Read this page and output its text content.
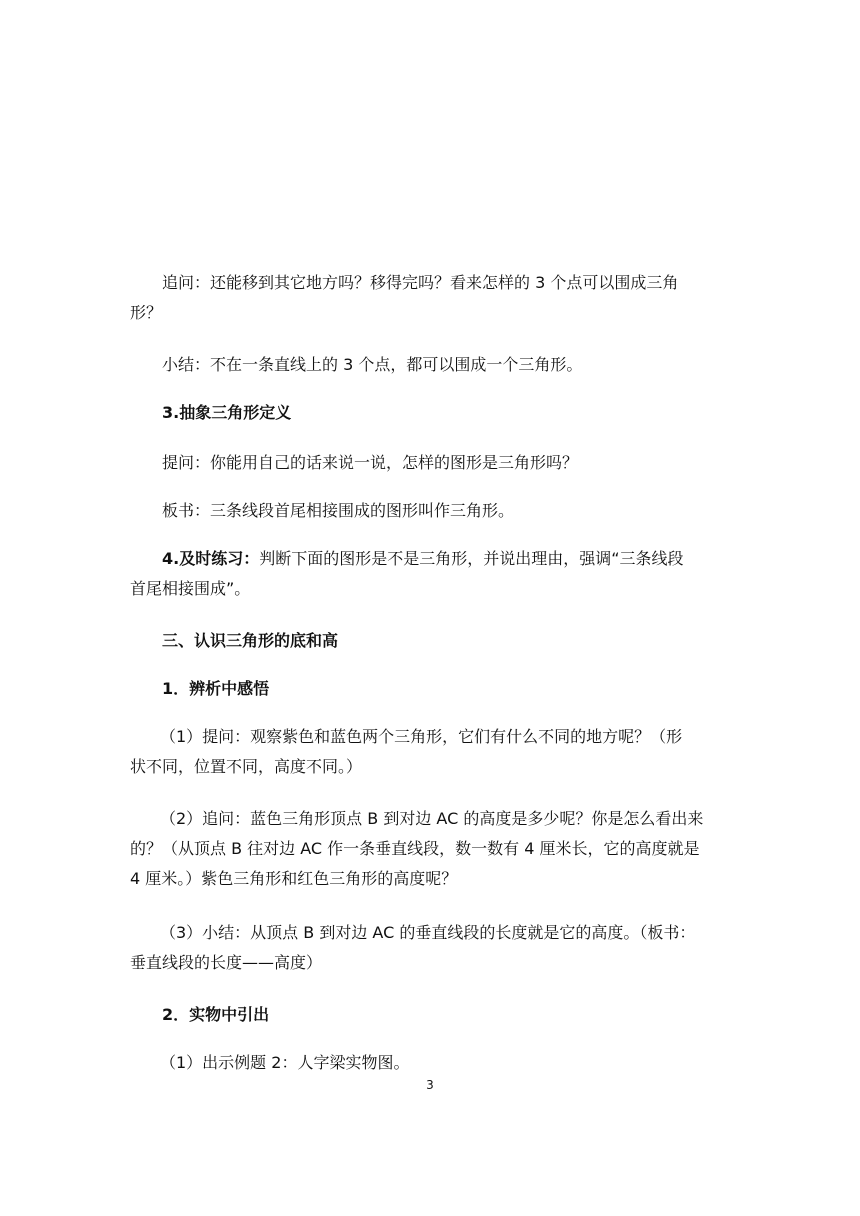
追问：还能移到其它地方吗？移得完吗？看来怎样的 3 个点可以围成三角
形？

小结：不在一条直线上的 3 个点，都可以围成一个三角形。

3.抽象三角形定义

提问：你能用自己的话来说一说，怎样的图形是三角形吗？

板书：三条线段首尾相接围成的图形叫作三角形。

4.及时练习：判断下面的图形是不是三角形，并说出理由，强调“三条线段
首尾相接围成”。

三、认识三角形的底和高

1．辨析中感悟

（1）提问：观察紫色和蓝色两个三角形，它们有什么不同的地方呢？（形
状不同，位置不同，高度不同。）

（2）追问：蓝色三角形顶点 B 到对边 AC 的高度是多少呢？你是怎么看出来
的？（从顶点 B 往对边 AC 作一条垂直线段，数一数有 4 厘米长，它的高度就是
4 厘米。）紫色三角形和红色三角形的高度呢？

（3）小结：从顶点 B 到对边 AC 的垂直线段的长度就是它的高度。（板书：
垂直线段的长度——高度）

2．实物中引出

（1）出示例题 2：人字梁实物图。

3
